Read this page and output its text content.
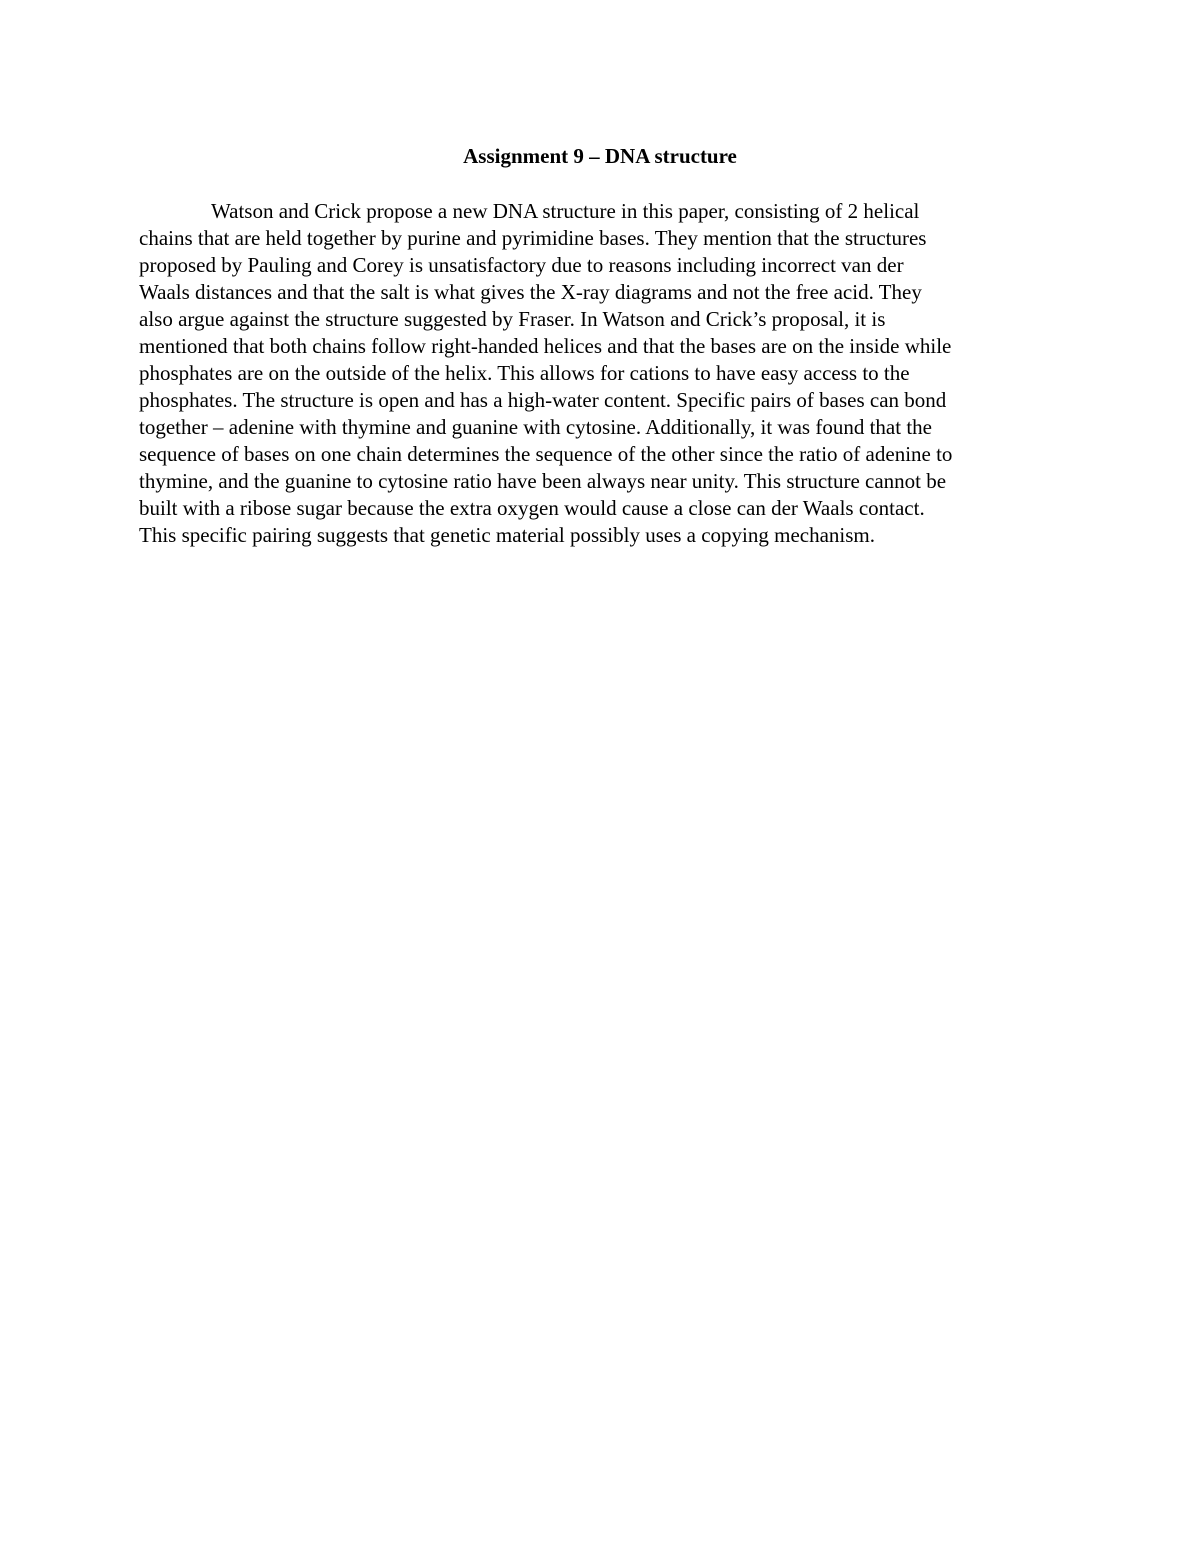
Assignment 9 – DNA structure
Watson and Crick propose a new DNA structure in this paper, consisting of 2 helical
chains that are held together by purine and pyrimidine bases. They mention that the structures
proposed by Pauling and Corey is unsatisfactory due to reasons including incorrect van der
Waals distances and that the salt is what gives the X-ray diagrams and not the free acid. They
also argue against the structure suggested by Fraser. In Watson and Crick’s proposal, it is
mentioned that both chains follow right-handed helices and that the bases are on the inside while
phosphates are on the outside of the helix. This allows for cations to have easy access to the
phosphates. The structure is open and has a high-water content. Specific pairs of bases can bond
together – adenine with thymine and guanine with cytosine. Additionally, it was found that the
sequence of bases on one chain determines the sequence of the other since the ratio of adenine to
thymine, and the guanine to cytosine ratio have been always near unity. This structure cannot be
built with a ribose sugar because the extra oxygen would cause a close can der Waals contact.
This specific pairing suggests that genetic material possibly uses a copying mechanism.
